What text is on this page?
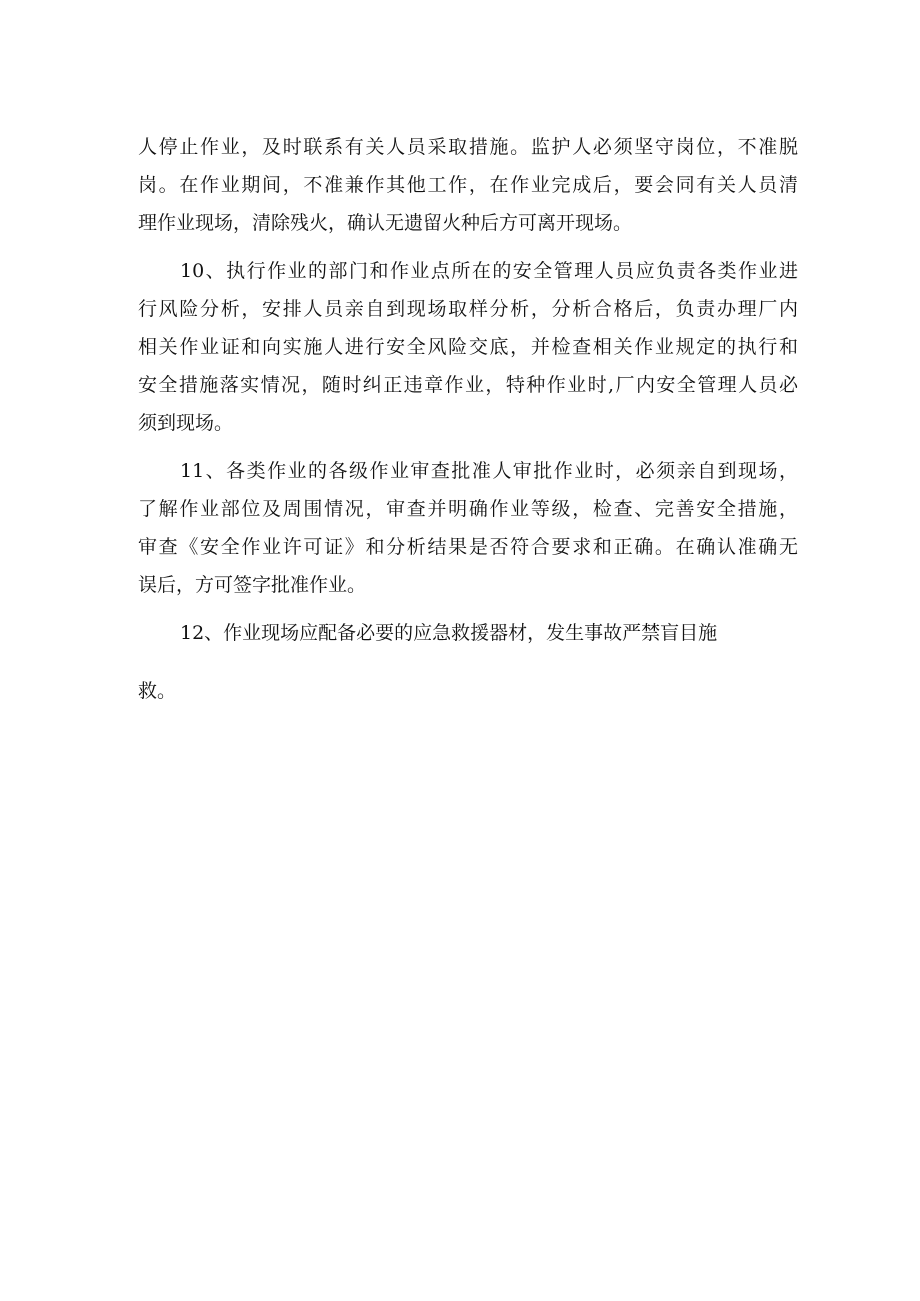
人停止作业，及时联系有关人员采取措施。监护人必须坚守岗位，不准脱
岗。在作业期间，不准兼作其他工作，在作业完成后，要会同有关人员清
理作业现场，清除残火，确认无遗留火种后方可离开现场。
10、执行作业的部门和作业点所在的安全管理人员应负责各类作业进
行风险分析，安排人员亲自到现场取样分析，分析合格后，负责办理厂内
相关作业证和向实施人进行安全风险交底，并检查相关作业规定的执行和
安全措施落实情况，随时纠正违章作业，特种作业时,厂内安全管理人员必
须到现场。
11、各类作业的各级作业审查批准人审批作业时，必须亲自到现场，
了解作业部位及周围情况，审查并明确作业等级，检查、完善安全措施，
审查《安全作业许可证》和分析结果是否符合要求和正确。在确认准确无
误后，方可签字批准作业。
12、作业现场应配备必要的应急救援器材，发生事故严禁盲目施
救。
